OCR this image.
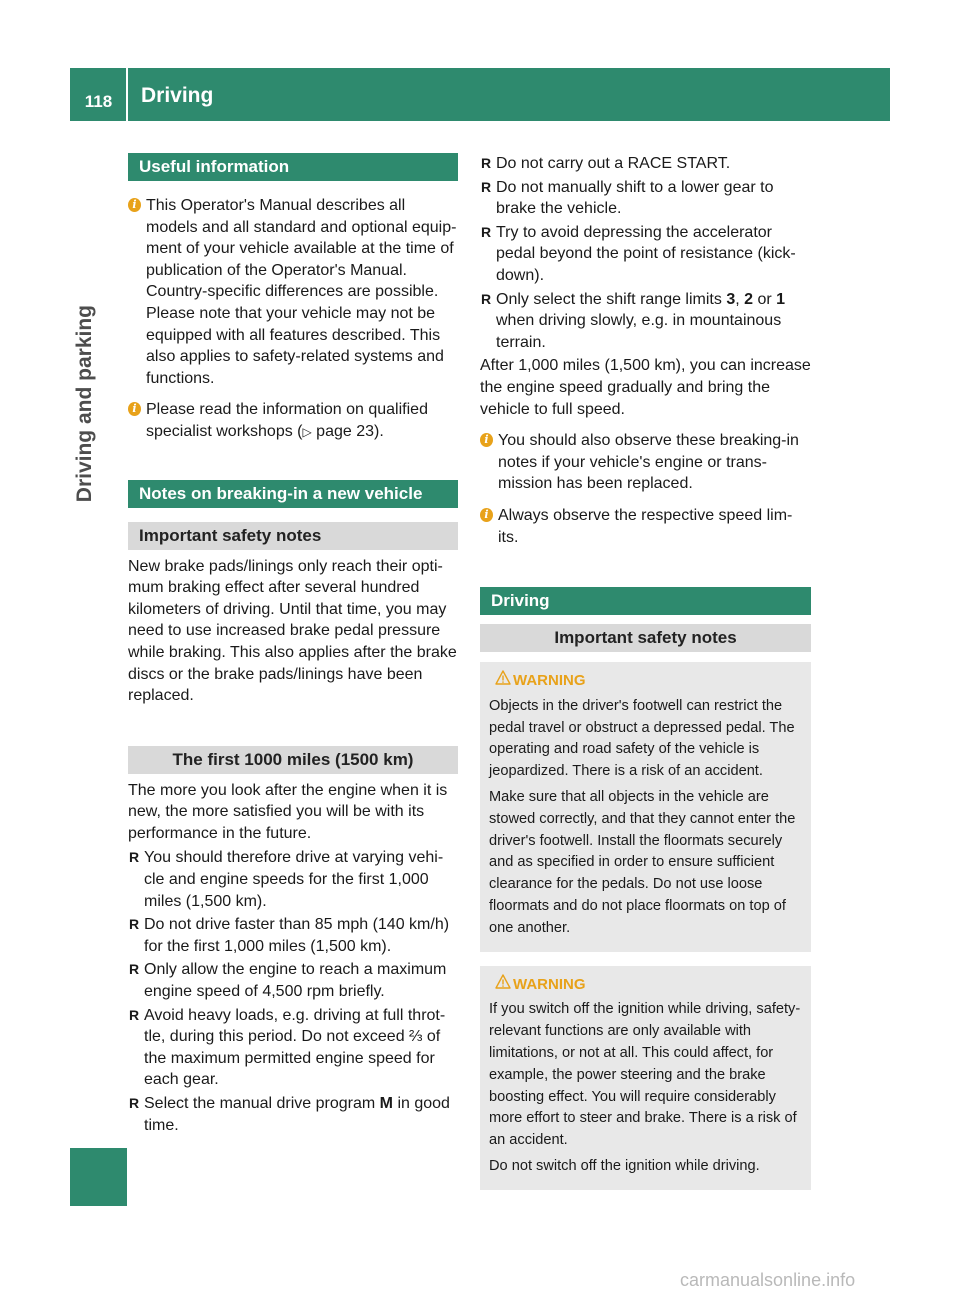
118	Driving
Driving and parking
Useful information
i This Operator's Manual describes all models and all standard and optional equip-ment of your vehicle available at the time of publication of the Operator's Manual. Country-specific differences are possible. Please note that your vehicle may not be equipped with all features described. This also applies to safety-related systems and functions.

i Please read the information on qualified specialist workshops (▷ page 23).

Notes on breaking-in a new vehicle
Important safety notes

New brake pads/linings only reach their opti-mum braking effect after several hundred kilometers of driving. Until that time, you may need to use increased brake pedal pressure while braking. This also applies after the brake discs or the brake pads/linings have been replaced.

The first 1000 miles (1500 km)

The more you look after the engine when it is new, the more satisfied you will be with its performance in the future.

R You should therefore drive at varying vehi-cle and engine speeds for the first 1,000 miles (1,500 km).
R Do not drive faster than 85 mph (140 km/h) for the first 1,000 miles (1,500 km).
R Only allow the engine to reach a maximum engine speed of 4,500 rpm briefly.
R Avoid heavy loads, e.g. driving at full throt-tle, during this period. Do not exceed ⅔ of the maximum permitted engine speed for each gear.
R Select the manual drive program M in good time.
R Do not carry out a RACE START.
R Do not manually shift to a lower gear to brake the vehicle.
R Try to avoid depressing the accelerator pedal beyond the point of resistance (kick-down).
R Only select the shift range limits 3, 2 or 1 when driving slowly, e.g. in mountainous terrain.

After 1,000 miles (1,500 km), you can increase the engine speed gradually and bring the vehicle to full speed.

i You should also observe these breaking-in notes if your vehicle's engine or trans-mission has been replaced.

i Always observe the respective speed lim-its.

Driving
Important safety notes
WARNING

Objects in the driver's footwell can restrict the pedal travel or obstruct a depressed pedal. The operating and road safety of the vehicle is jeopardized. There is a risk of an accident.

Make sure that all objects in the vehicle are stowed correctly, and that they cannot enter the driver's footwell. Install the floormats securely and as specified in order to ensure sufficient clearance for the pedals. Do not use loose floormats and do not place floormats on top of one another.

WARNING

If you switch off the ignition while driving, safety-relevant functions are only available with limitations, or not at all. This could affect, for example, the power steering and the brake boosting effect. You will require considerably more effort to steer and brake. There is a risk of an accident.

Do not switch off the ignition while driving.

carmanualsonline.info
